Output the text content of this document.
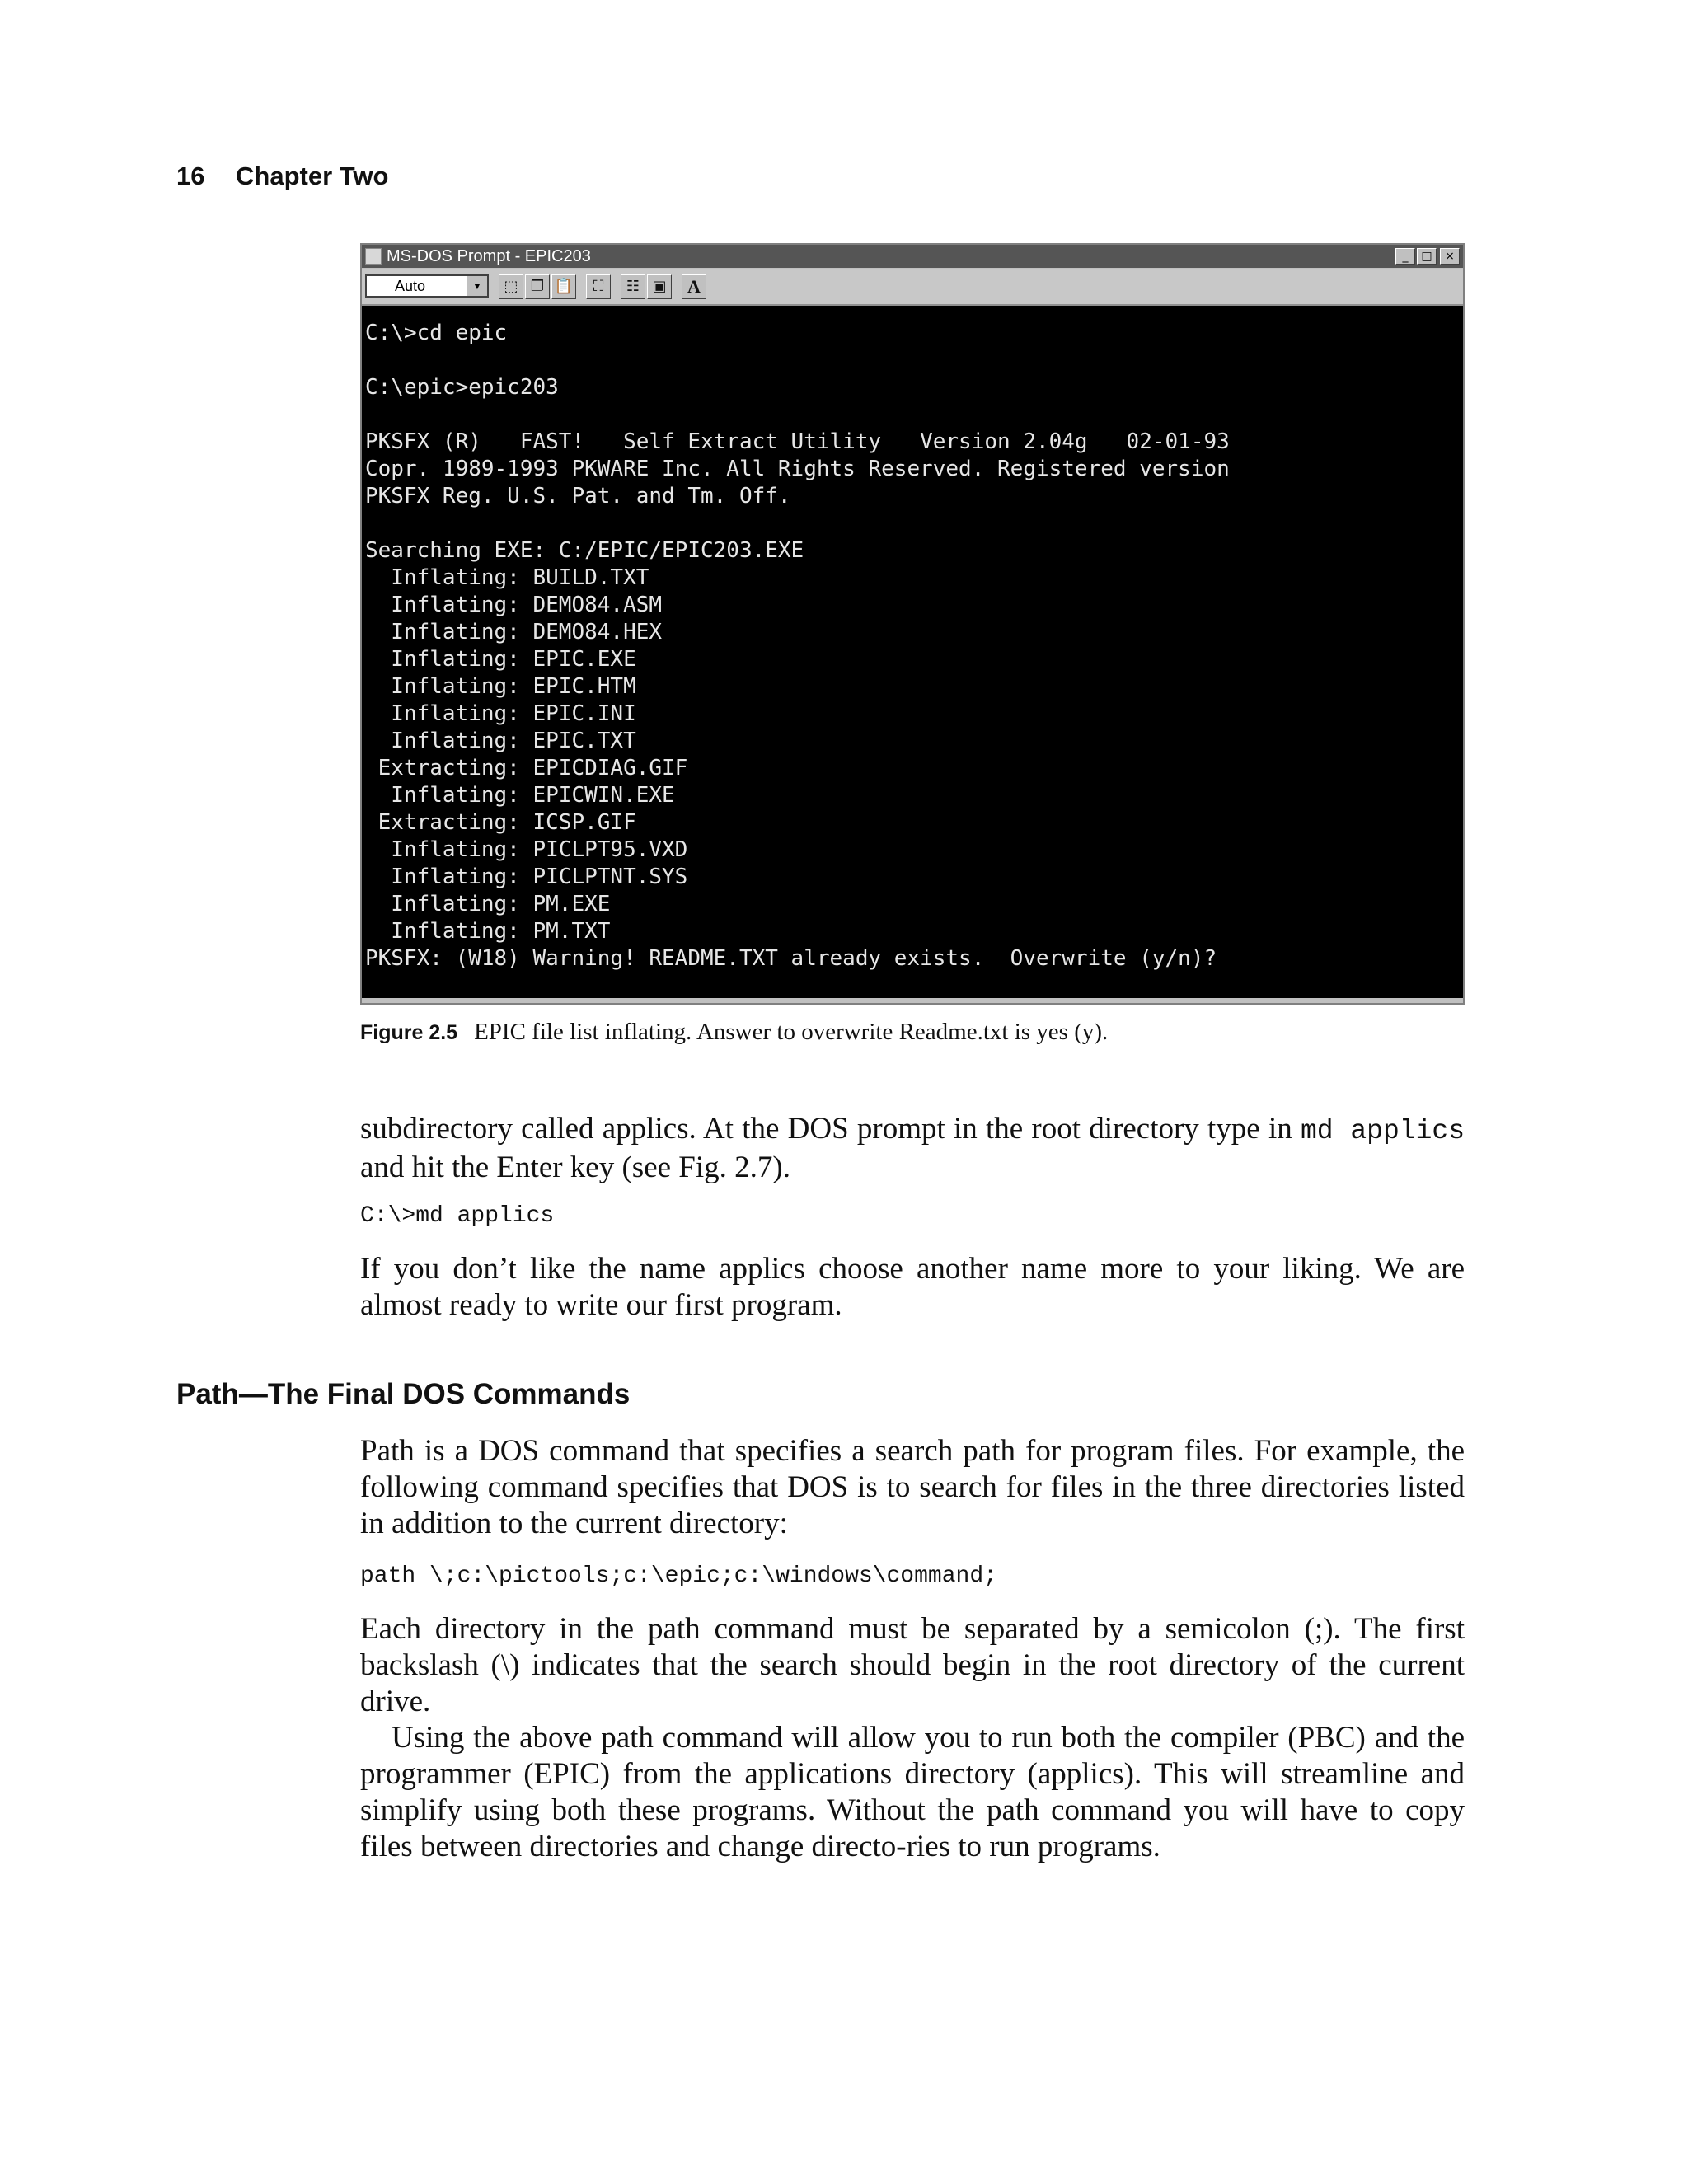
16 Chapter Two
MS-DOS Prompt - EPIC203	_	□	×
Auto	▼	⬚ ❐ 📋	⛶	☷ ▣	A
C:\>cd epic
C:\epic>epic203
PKSFX (R)   FAST!   Self Extract Utility   Version 2.04g   02-01-93
Copr. 1989-1993 PKWARE Inc. All Rights Reserved. Registered version
PKSFX Reg. U.S. Pat. and Tm. Off.
Searching EXE: C:/EPIC/EPIC203.EXE
Inflating: BUILD.TXT
Inflating: DEMO84.ASM
Inflating: DEMO84.HEX
Inflating: EPIC.EXE
Inflating: EPIC.HTM
Inflating: EPIC.INI
Inflating: EPIC.TXT
Extracting: EPICDIAG.GIF
Inflating: EPICWIN.EXE
Extracting: ICSP.GIF
Inflating: PICLPT95.VXD
Inflating: PICLPTNT.SYS
Inflating: PM.EXE
Inflating: PM.TXT
PKSFX: (W18) Warning! README.TXT already exists.  Overwrite (y/n)?
Figure 2.5 EPIC file list inflating. Answer to overwrite Readme.txt is yes (y).

subdirectory called applics. At the DOS prompt in the root directory type in md applics and hit the Enter key (see Fig. 2.7).

C:\>md applics

If you don’t like the name applics choose another name more to your liking. We are almost ready to write our first program.

Path—The Final DOS Commands

Path is a DOS command that specifies a search path for program files. For example, the following command specifies that DOS is to search for files in the three directories listed in addition to the current directory:

path \;c:\pictools;c:\epic;c:\windows\command;

Each directory in the path command must be separated by a semicolon (;). The first backslash (\) indicates that the search should begin in the root directory of the current drive.

Using the above path command will allow you to run both the compiler (PBC) and the programmer (EPIC) from the applications directory (applics). This will streamline and simplify using both these programs. Without the path command you will have to copy files between directories and change directo-ries to run programs.
